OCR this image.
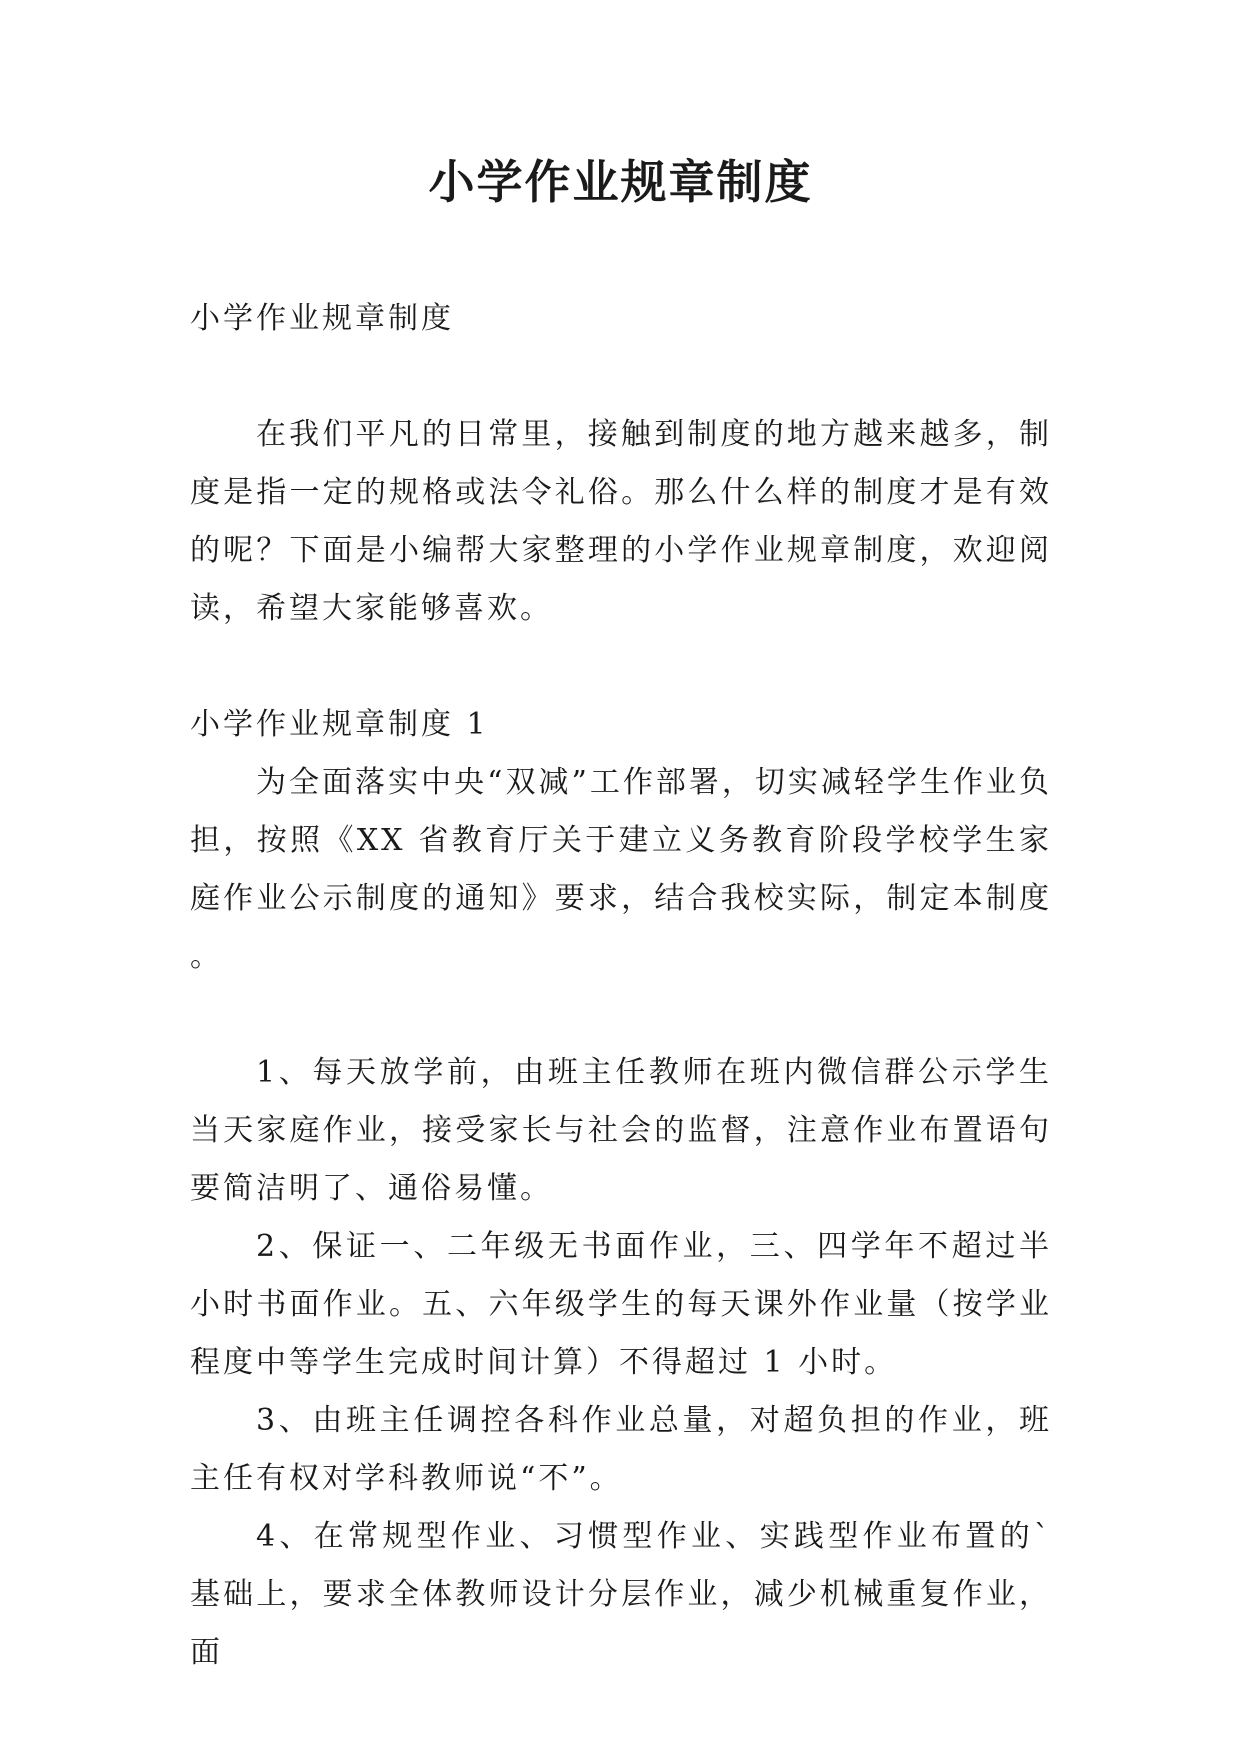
小学作业规章制度

小学作业规章制度

在我们平凡的日常里，接触到制度的地方越来越多，制度是指一定的规格或法令礼俗。那么什么样的制度才是有效的呢？下面是小编帮大家整理的小学作业规章制度，欢迎阅读，希望大家能够喜欢。

小学作业规章制度 1

为全面落实中央“双减”工作部署，切实减轻学生作业负担，按照《XX 省教育厅关于建立义务教育阶段学校学生家庭作业公示制度的通知》要求，结合我校实际，制定本制度。

1、每天放学前，由班主任教师在班内微信群公示学生当天家庭作业，接受家长与社会的监督，注意作业布置语句要简洁明了、通俗易懂。

2、保证一、二年级无书面作业，三、四学年不超过半小时书面作业。五、六年级学生的每天课外作业量（按学业程度中等学生完成时间计算）不得超过 1 小时。

3、由班主任调控各科作业总量，对超负担的作业，班主任有权对学科教师说“不”。

4、在常规型作业、习惯型作业、实践型作业布置的`基础上，要求全体教师设计分层作业，减少机械重复作业，面
